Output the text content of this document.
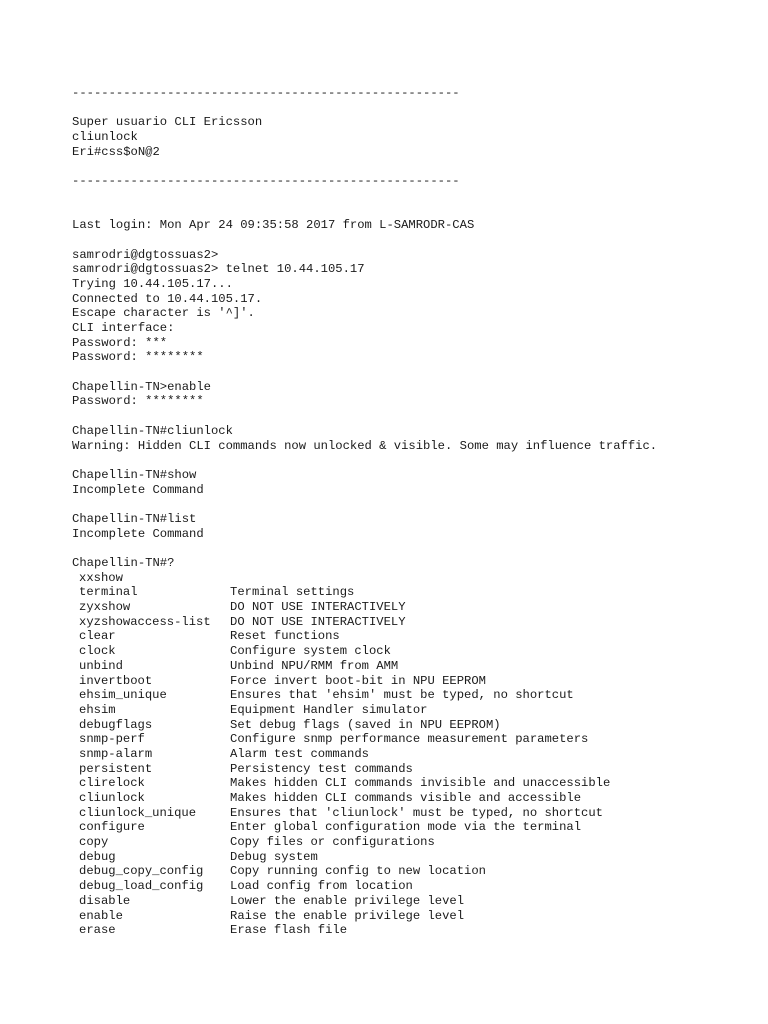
-----------------------------------------------------
Super usuario CLI Ericsson
cliunlock
Eri#css$oN@2
-----------------------------------------------------
Last login: Mon Apr 24 09:35:58 2017 from L-SAMRODR-CAS
samrodri@dgtossuas2>
samrodri@dgtossuas2> telnet 10.44.105.17
Trying 10.44.105.17...
Connected to 10.44.105.17.
Escape character is '^]'.
CLI interface:
Password: ***
Password: ********
Chapellin-TN>enable
Password: ********
Chapellin-TN#cliunlock
Warning: Hidden CLI commands now unlocked & visible. Some may influence traffic.
Chapellin-TN#show
Incomplete Command
Chapellin-TN#list
Incomplete Command
Chapellin-TN#?
xxshow
terminal	Terminal settings
zyxshow	DO NOT USE INTERACTIVELY
xyzshowaccess-list	DO NOT USE INTERACTIVELY
clear	Reset functions
clock	Configure system clock
unbind	Unbind NPU/RMM from AMM
invertboot	Force invert boot-bit in NPU EEPROM
ehsim_unique	Ensures that 'ehsim' must be typed, no shortcut
ehsim	Equipment Handler simulator
debugflags	Set debug flags (saved in NPU EEPROM)
snmp-perf	Configure snmp performance measurement parameters
snmp-alarm	Alarm test commands
persistent	Persistency test commands
clirelock	Makes hidden CLI commands invisible and unaccessible
cliunlock	Makes hidden CLI commands visible and accessible
cliunlock_unique	Ensures that 'cliunlock' must be typed, no shortcut
configure	Enter global configuration mode via the terminal
copy	Copy files or configurations
debug	Debug system
debug_copy_config	Copy running config to new location
debug_load_config	Load config from location
disable	Lower the enable privilege level
enable	Raise the enable privilege level
erase	Erase flash file
